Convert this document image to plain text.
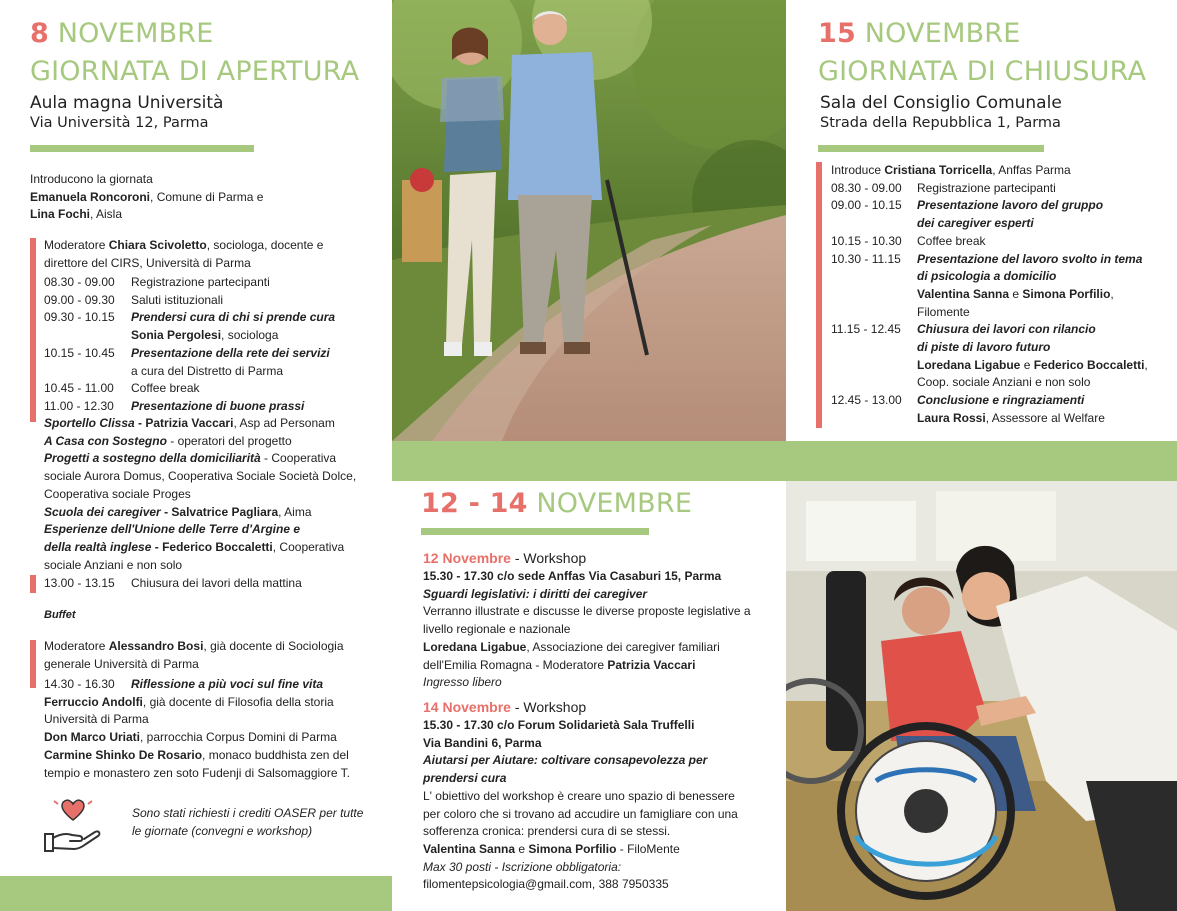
8 NOVEMBRE
GIORNATA DI APERTURA
Aula magna Università
Via Università 12, Parma
Introducono la giornata
Emanuela Roncoroni, Comune di Parma e
Lina Fochi, Aisla
Moderatore Chiara Scivoletto, sociologa, docente e
direttore del CIRS, Università di Parma
08.30 - 09.00	Registrazione partecipanti
09.00 - 09.30	Saluti istituzionali
09.30 - 10.15	Prendersi cura di chi si prende cura
Sonia Pergolesi, sociologa
10.15 - 10.45	Presentazione della rete dei servizi
a cura del Distretto di Parma
10.45 - 11.00	Coffee break
11.00 - 12.30	Presentazione di buone prassi
Sportello Clissa - Patrizia Vaccari, Asp ad Personam
A Casa con Sostegno - operatori del progetto
Progetti a sostegno della domiciliarità - Cooperativa
sociale Aurora Domus, Cooperativa Sociale Società Dolce,
Cooperativa sociale Proges
Scuola dei caregiver - Salvatrice Pagliara, Aima
Esperienze dell'Unione delle Terre d'Argine e
della realtà inglese - Federico Boccaletti, Cooperativa
sociale Anziani e non solo
13.00 - 13.15	Chiusura dei lavori della mattina
Buffet
Moderatore Alessandro Bosi, già docente di Sociologia
generale Università di Parma
14.30 - 16.30	Riflessione a più voci sul fine vita
Ferruccio Andolfi, già docente di Filosofia della storia
Università di Parma
Don Marco Uriati, parrocchia Corpus Domini di Parma
Carmine Shinko De Rosario, monaco buddhista zen del
tempio e monastero zen soto Fudenji di Salsomaggiore T.
Sono stati richiesti i crediti OASER per tutte
le giornate (convegni e workshop)
15 NOVEMBRE
GIORNATA DI CHIUSURA
Sala del Consiglio Comunale
Strada della Repubblica 1, Parma
Introduce Cristiana Torricella, Anffas Parma
08.30 - 09.00	Registrazione partecipanti
09.00 - 10.15	Presentazione lavoro del gruppo
dei caregiver esperti
10.15 - 10.30	Coffee break
10.30 - 11.15	Presentazione del lavoro svolto in tema
di psicologia a domicilio
Valentina Sanna e Simona Porfilio,
Filomente
11.15 - 12.45	Chiusura dei lavori con rilancio
di piste di lavoro futuro
Loredana Ligabue e Federico Boccaletti,
Coop. sociale Anziani e non solo
12.45 - 13.00	Conclusione e ringraziamenti
Laura Rossi, Assessore al Welfare
12 - 14 NOVEMBRE
12 Novembre - Workshop
15.30 - 17.30 c/o sede Anffas Via Casaburi 15, Parma
Sguardi legislativi: i diritti dei caregiver
Verranno illustrate e discusse le diverse proposte legislative a
livello regionale e nazionale
Loredana Ligabue, Associazione dei caregiver familiari
dell'Emilia Romagna - Moderatore Patrizia Vaccari
Ingresso libero
14 Novembre - Workshop
15.30 - 17.30 c/o Forum Solidarietà Sala Truffelli
Via Bandini 6, Parma
Aiutarsi per Aiutare: coltivare consapevolezza per
prendersi cura
L' obiettivo del workshop è creare uno spazio di benessere
per coloro che si trovano ad accudire un famigliare con una
sofferenza cronica: prendersi cura di se stessi.
Valentina Sanna e Simona Porfilio - FiloMente
Max 30 posti - Iscrizione obbligatoria:
filomentepsicologia@gmail.com, 388 7950335
